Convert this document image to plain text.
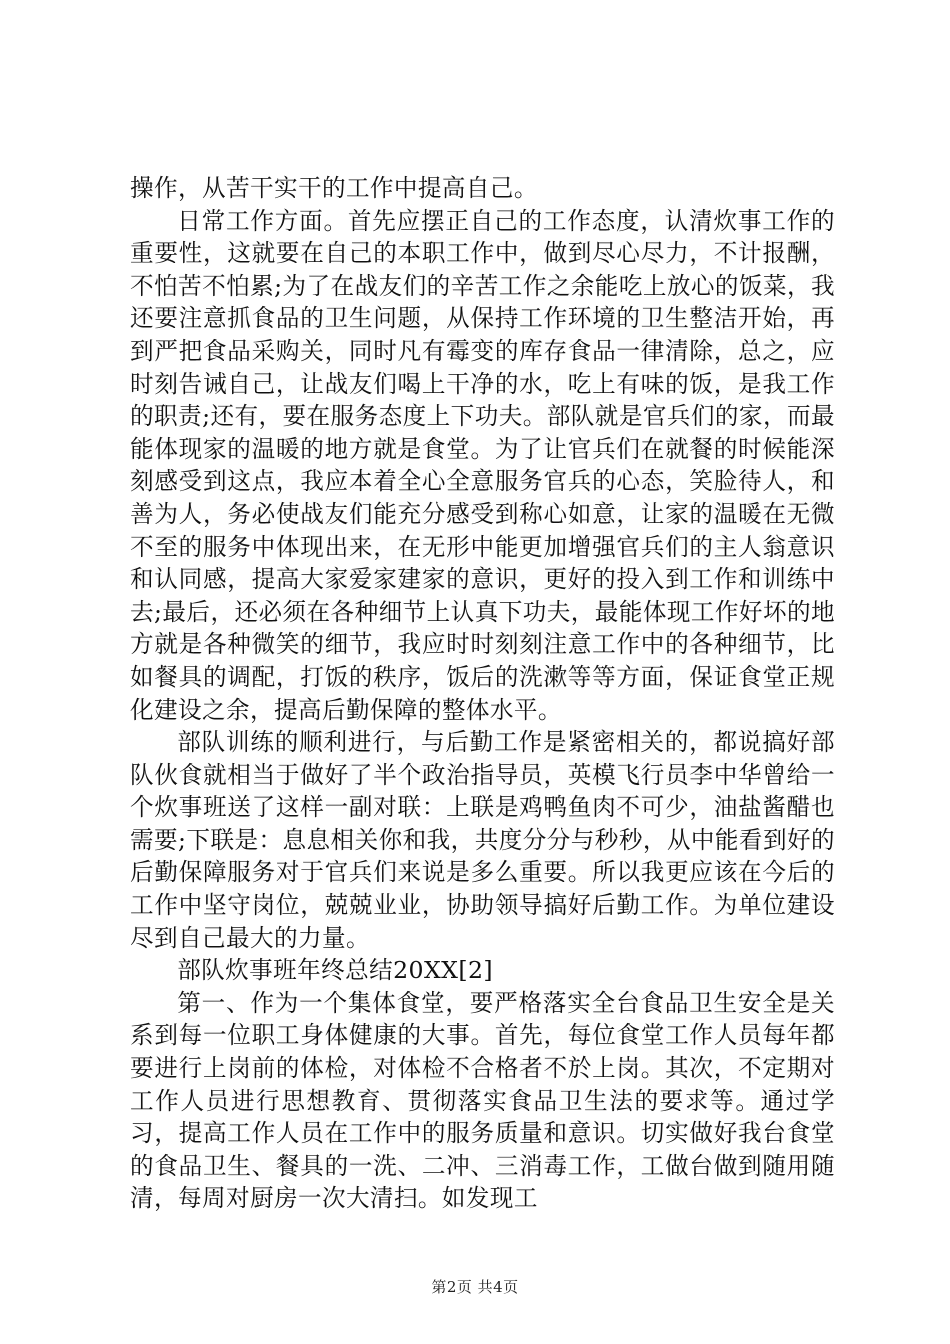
操作，从苦干实干的工作中提高自己。

日常工作方面。首先应摆正自己的工作态度，认清炊事工作的重要性，这就要在自己的本职工作中，做到尽心尽力，不计报酬，不怕苦不怕累;为了在战友们的辛苦工作之余能吃上放心的饭菜，我还要注意抓食品的卫生问题，从保持工作环境的卫生整洁开始，再到严把食品采购关，同时凡有霉变的库存食品一律清除，总之，应时刻告诫自己，让战友们喝上干净的水，吃上有味的饭，是我工作的职责;还有，要在服务态度上下功夫。部队就是官兵们的家，而最能体现家的温暖的地方就是食堂。为了让官兵们在就餐的时候能深刻感受到这点，我应本着全心全意服务官兵的心态，笑脸待人，和善为人，务必使战友们能充分感受到称心如意，让家的温暖在无微不至的服务中体现出来，在无形中能更加增强官兵们的主人翁意识和认同感，提高大家爱家建家的意识，更好的投入到工作和训练中去;最后，还必须在各种细节上认真下功夫，最能体现工作好坏的地方就是各种微笑的细节，我应时时刻刻注意工作中的各种细节，比如餐具的调配，打饭的秩序，饭后的洗漱等等方面，保证食堂正规化建设之余，提高后勤保障的整体水平。

部队训练的顺利进行，与后勤工作是紧密相关的，都说搞好部队伙食就相当于做好了半个政治指导员，英模飞行员李中华曾给一个炊事班送了这样一副对联：上联是鸡鸭鱼肉不可少，油盐酱醋也需要;下联是：息息相关你和我，共度分分与秒秒，从中能看到好的后勤保障服务对于官兵们来说是多么重要。所以我更应该在今后的工作中坚守岗位，兢兢业业，协助领导搞好后勤工作。为单位建设尽到自己最大的力量。

部队炊事班年终总结20XX[2]

第一、作为一个集体食堂，要严格落实全台食品卫生安全是关系到每一位职工身体健康的大事。首先，每位食堂工作人员每年都要进行上岗前的体检，对体检不合格者不於上岗。其次，不定期对工作人员进行思想教育、贯彻落实食品卫生法的要求等。通过学习，提高工作人员在工作中的服务质量和意识。切实做好我台食堂的食品卫生、餐具的一洗、二冲、三消毒工作，工做台做到随用随清，每周对厨房一次大清扫。如发现工

第2页 共4页
